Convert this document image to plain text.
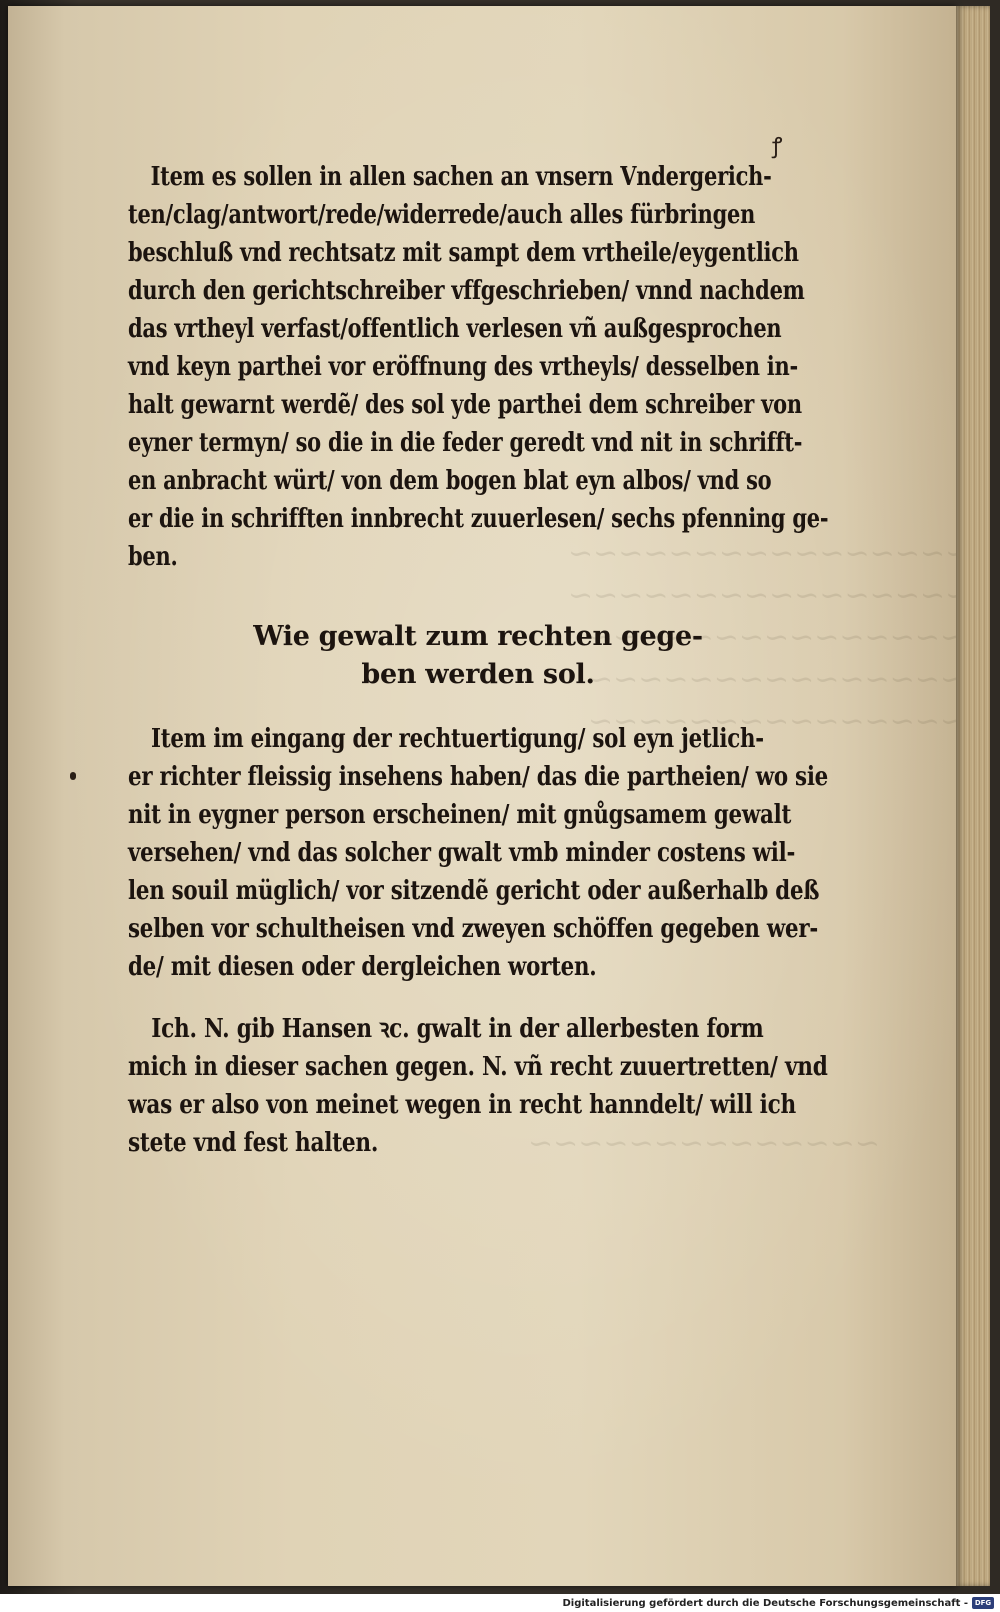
~~~~~~~~~~~~~~~~
~~~~~~~~~~~~~~~~
~~~~~~~~~~~~~~~
~~~~~~~~~~~~~~~
~~~~~~~~~~~~~~~
~~~~~~~~~~~~~~
ꝭ
Item es sollen in allen sachen an vnsern Vndergerich-
ten/clag/antwort/rede/widerrede/auch alles fürbringen
beschluß vnd rechtsatz mit sampt dem vrtheile/eygentlich
durch den gerichtschreiber vffgeschrieben/ vnnd nachdem
das vrtheyl verfast/offentlich verlesen vñ außgesprochen
vnd keyn parthei vor eröffnung des vrtheyls/ desselben in-
halt gewarnt werdẽ/ des sol yde parthei dem schreiber von
eyner termyn/ so die in die feder geredt vnd nit in schrifft-
en anbracht würt/ von dem bogen blat eyn albos/ vnd so
er die in schrifften innbrecht zuuerlesen/ sechs pfenning ge-
ben.
Wie gewalt zum rechten gege-
ben werden sol.
Item im eingang der rechtuertigung/ sol eyn jetlich-
er richter fleissig insehens haben/ das die partheien/ wo sie
nit in eygner person erscheinen/ mit gnůgsamem gewalt
versehen/ vnd das solcher gwalt vmb minder costens wil-
len souil müglich/ vor sitzendẽ gericht oder außerhalb deß
selben vor schultheisen vnd zweyen schöffen gegeben wer-
de/ mit diesen oder dergleichen worten.
Ich. N. gib Hansen ꝛc. gwalt in der allerbesten form
mich in dieser sachen gegen. N. vñ recht zuuertretten/ vnd
was er also von meinet wegen in recht hanndelt/ will ich
stete vnd fest halten.
Digitalisierung gefördert durch die Deutsche Forschungsgemeinschaft - DFG
